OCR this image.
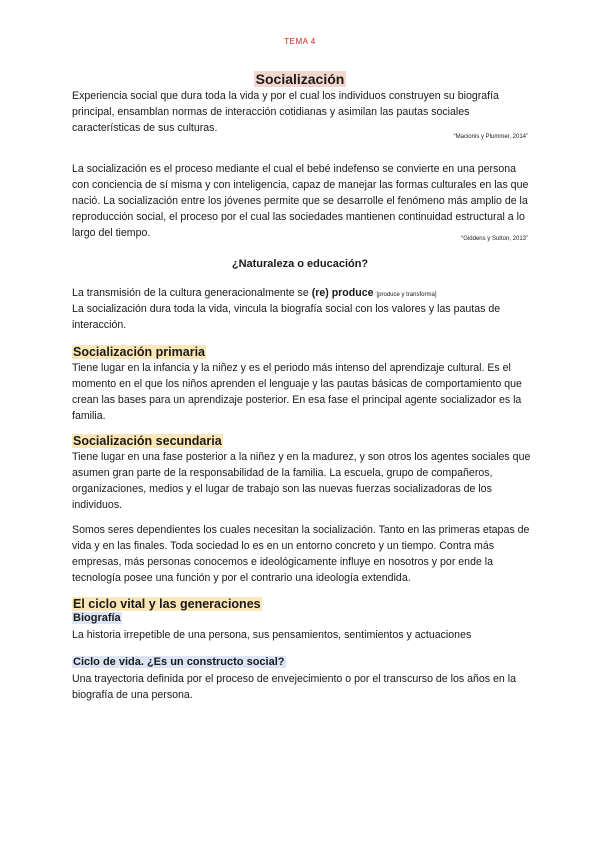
TEMA 4
Socialización

Experiencia social que dura toda la vida y por el cual los individuos construyen su biografía principal, ensamblan normas de interacción cotidianas y asimilan las pautas sociales características de sus culturas.

“Macionis y Plummer, 2014”

La socialización es el proceso mediante el cual el bebé indefenso se convierte en una persona con conciencia de sí misma y con inteligencia, capaz de manejar las formas culturales en las que nació. La socialización entre los jóvenes permite que se desarrolle el fenómeno más amplio de la reproducción social, el proceso por el cual las sociedades mantienen continuidad estructural a lo largo del tiempo.	“Giddens y Sutton, 2013”
¿Naturaleza o educación?

La transmisión de la cultura generacionalmente se (re) produce [produce y transforma]

La socialización dura toda la vida, vincula la biografía social con los valores y las pautas de interacción.

Socialización primaria

Tiene lugar en la infancia y la niñez y es el periodo más intenso del aprendizaje cultural. Es el momento en el que los niños aprenden el lenguaje y las pautas básicas de comportamiento que crean las bases para un aprendizaje posterior. En esa fase el principal agente socializador es la familia.

Socialización secundaria

Tiene lugar en una fase posterior a la niñez y en la madurez, y son otros los agentes sociales que asumen gran parte de la responsabilidad de la familia. La escuela, grupo de compañeros, organizaciones, medios y el lugar de trabajo son las nuevas fuerzas socializadoras de los individuos.

Somos seres dependientes los cuales necesitan la socialización. Tanto en las primeras etapas de vida y en las finales. Toda sociedad lo es en un entorno concreto y un tiempo. Contra más empresas, más personas conocemos e ideológicamente influye en nosotros y por ende la tecnología posee una función y por el contrario una ideología extendida.

El ciclo vital y las generaciones
Biografía

La historia irrepetible de una persona, sus pensamientos, sentimientos y actuaciones

Ciclo de vida. ¿Es un constructo social?

Una trayectoria definida por el proceso de envejecimiento o por el transcurso de los años en la biografía de una persona.
